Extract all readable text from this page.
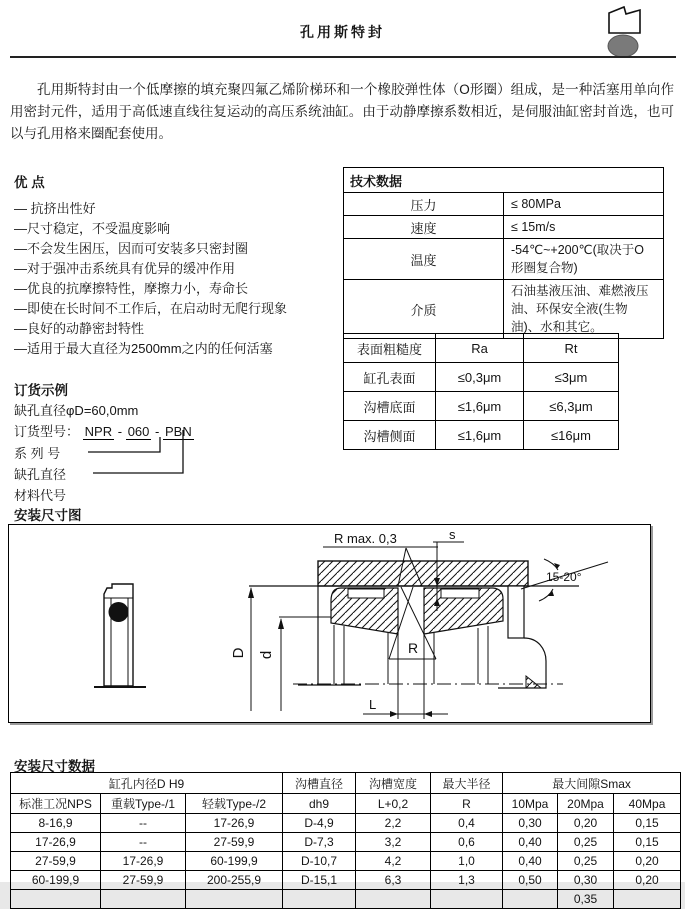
孔用斯特封

孔用斯特封由一个低摩擦的填充聚四氟乙烯阶梯环和一个橡胶弹性体（O形圈）组成，是一种活塞用单向作用密封元件，适用于高低速直线往复运动的高压系统油缸。由于动静摩擦系数相近，是伺服油缸密封首选，也可以与孔用格来圈配套使用。

优 点
— 抗挤出性好
—尺寸稳定，不受温度影响
—不会发生困压，因而可安装多只密封圈
—对于强冲击系统具有优异的缓冲作用
—优良的抗摩擦特性，摩擦力小，寿命长
—即使在长时间不工作后，在启动时无爬行现象
—良好的动静密封特性
—适用于最大直径为2500mm之内的任何活塞
技术数据	
压力	≤ 80MPa
速度	≤ 15m/s
温度	-54℃~+200℃(取决于O形圈复合物)
介质	石油基液压油、难燃液压油、环保安全液(生物油)、水和其它。
表面粗糙度	Ra	Rt
缸孔表面	≤0,3μm	≤3μm
沟槽底面	≤1,6μm	≤6,3μm
沟槽侧面	≤1,6μm	≤16μm
订货示例
缺孔直径φD=60,0mm
订货型号： NPR - 060 - PBN
系 列 号
缺孔直径
材料代号
安装尺寸图
D d
R max. 0,3	s
15-20°
R
L
安装尺寸数据
缸孔内径D H9			沟槽直径	沟槽宽度	最大半径	最大间隙Smax		
标准工况NPS	重载Type-/1	轻载Type-/2	dh9	L+0,2	R	10Mpa	20Mpa	40Mpa
8-16,9	--	17-26,9	D-4,9	2,2	0,4	0,30	0,20	0,15
17-26,9	--	27-59,9	D-7,3	3,2	0,6	0,40	0,25	0,15
27-59,9	17-26,9	60-199,9	D-10,7	4,2	1,0	0,40	0,25	0,20
60-199,9	27-59,9	200-255,9	D-15,1	6,3	1,3	0,50	0,30	0,20
							0,35	
